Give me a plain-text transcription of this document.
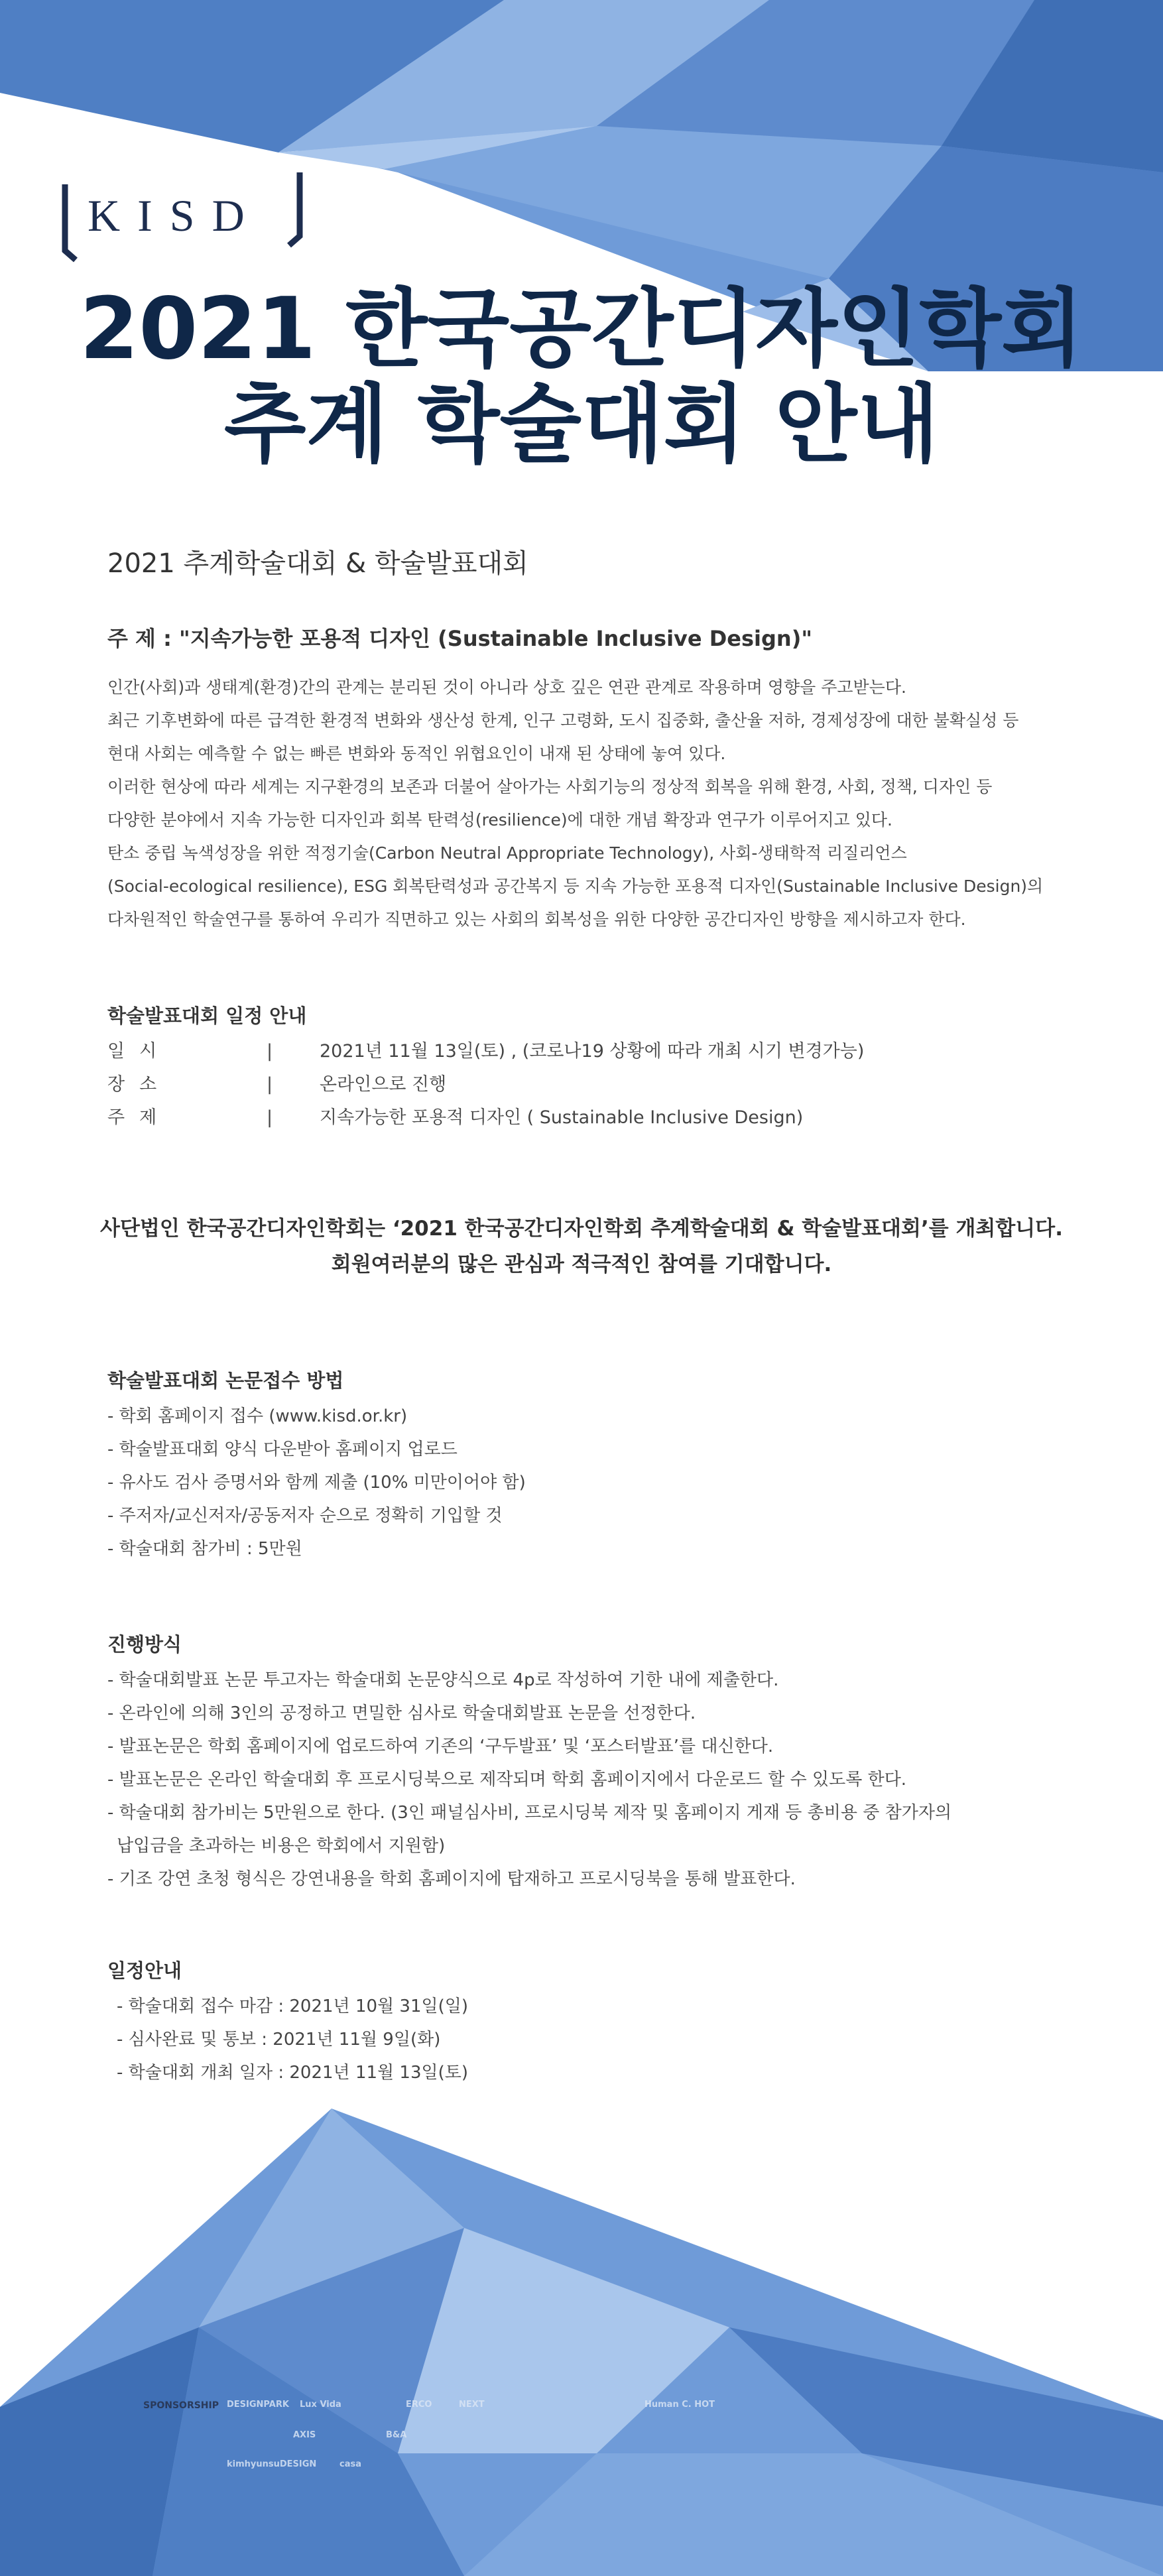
KISD
2021 한국공간디자인학회
추계 학술대회 안내
2021 추계학술대회 & 학술발표대회
주 제 : "지속가능한 포용적 디자인 (Sustainable Inclusive Design)"

인간(사회)과 생태계(환경)간의 관계는 분리된 것이 아니라 상호 깊은 연관 관계로 작용하며 영향을 주고받는다.

최근 기후변화에 따른 급격한 환경적 변화와 생산성 한계, 인구 고령화, 도시 집중화, 출산율 저하, 경제성장에 대한 불확실성 등

현대 사회는 예측할 수 없는 빠른 변화와 동적인 위협요인이 내재 된 상태에 놓여 있다.

이러한 현상에 따라 세계는 지구환경의 보존과 더불어 살아가는 사회기능의 정상적 회복을 위해 환경, 사회, 정책, 디자인 등

다양한 분야에서 지속 가능한 디자인과 회복 탄력성(resilience)에 대한 개념 확장과 연구가 이루어지고 있다.

탄소 중립 녹색성장을 위한 적정기술(Carbon Neutral Appropriate Technology), 사회-생태학적 리질리언스

(Social-ecological resilience), ESG 회복탄력성과 공간복지 등 지속 가능한 포용적 디자인(Sustainable Inclusive Design)의

다차원적인 학술연구를 통하여 우리가 직면하고 있는 사회의 회복성을 위한 다양한 공간디자인 방향을 제시하고자 한다.

학술발표대회 일정 안내
일시	|	2021년 11월 13일(토) , (코로나19 상황에 따라 개최 시기 변경가능)
장소	|	온라인으로 진행
주제	|	지속가능한 포용적 디자인 ( Sustainable Inclusive Design)
사단법인 한국공간디자인학회는 ‘2021 한국공간디자인학회 추계학술대회 & 학술발표대회’를 개최합니다.
회원여러분의 많은 관심과 적극적인 참여를 기대합니다.
학술발표대회 논문접수 방법

- 학회 홈페이지 접수 (www.kisd.or.kr)

- 학술발표대회 양식 다운받아 홈페이지 업로드

- 유사도 검사 증명서와 함께 제출 (10% 미만이어야 함)

- 주저자/교신저자/공동저자 순으로 정확히 기입할 것

- 학술대회 참가비 : 5만원

진행방식

- 학술대회발표 논문 투고자는 학술대회 논문양식으로 4p로 작성하여 기한 내에 제출한다.

- 온라인에 의해 3인의 공정하고 면밀한 심사로 학술대회발표 논문을 선정한다.

- 발표논문은 학회 홈페이지에 업로드하여 기존의 ‘구두발표’ 및 ‘포스터발표’를 대신한다.

- 발표논문은 온라인 학술대회 후 프로시딩북으로 제작되며 학회 홈페이지에서 다운로드 할 수 있도록 한다.

- 학술대회 참가비는 5만원으로 한다. (3인 패널심사비, 프로시딩북 제작 및 홈페이지 게재 등 총비용 중 참가자의

납입금을 초과하는 비용은 학회에서 지원함)

- 기조 강연 초청 형식은 강연내용을 학회 홈페이지에 탑재하고 프로시딩북을 통해 발표한다.

일정안내

- 학술대회 접수 마감 : 2021년 10월 31일(일)

- 심사완료 및 통보 : 2021년 11월 9일(화)

- 학술대회 개최 일자 : 2021년 11월 13일(토)

SPONSORSHIP DESIGNPARK Lux Vida	ERCO	NEXT	Human C. HOT
AXIS	B&A
kimhyunsuDESIGN	casa
